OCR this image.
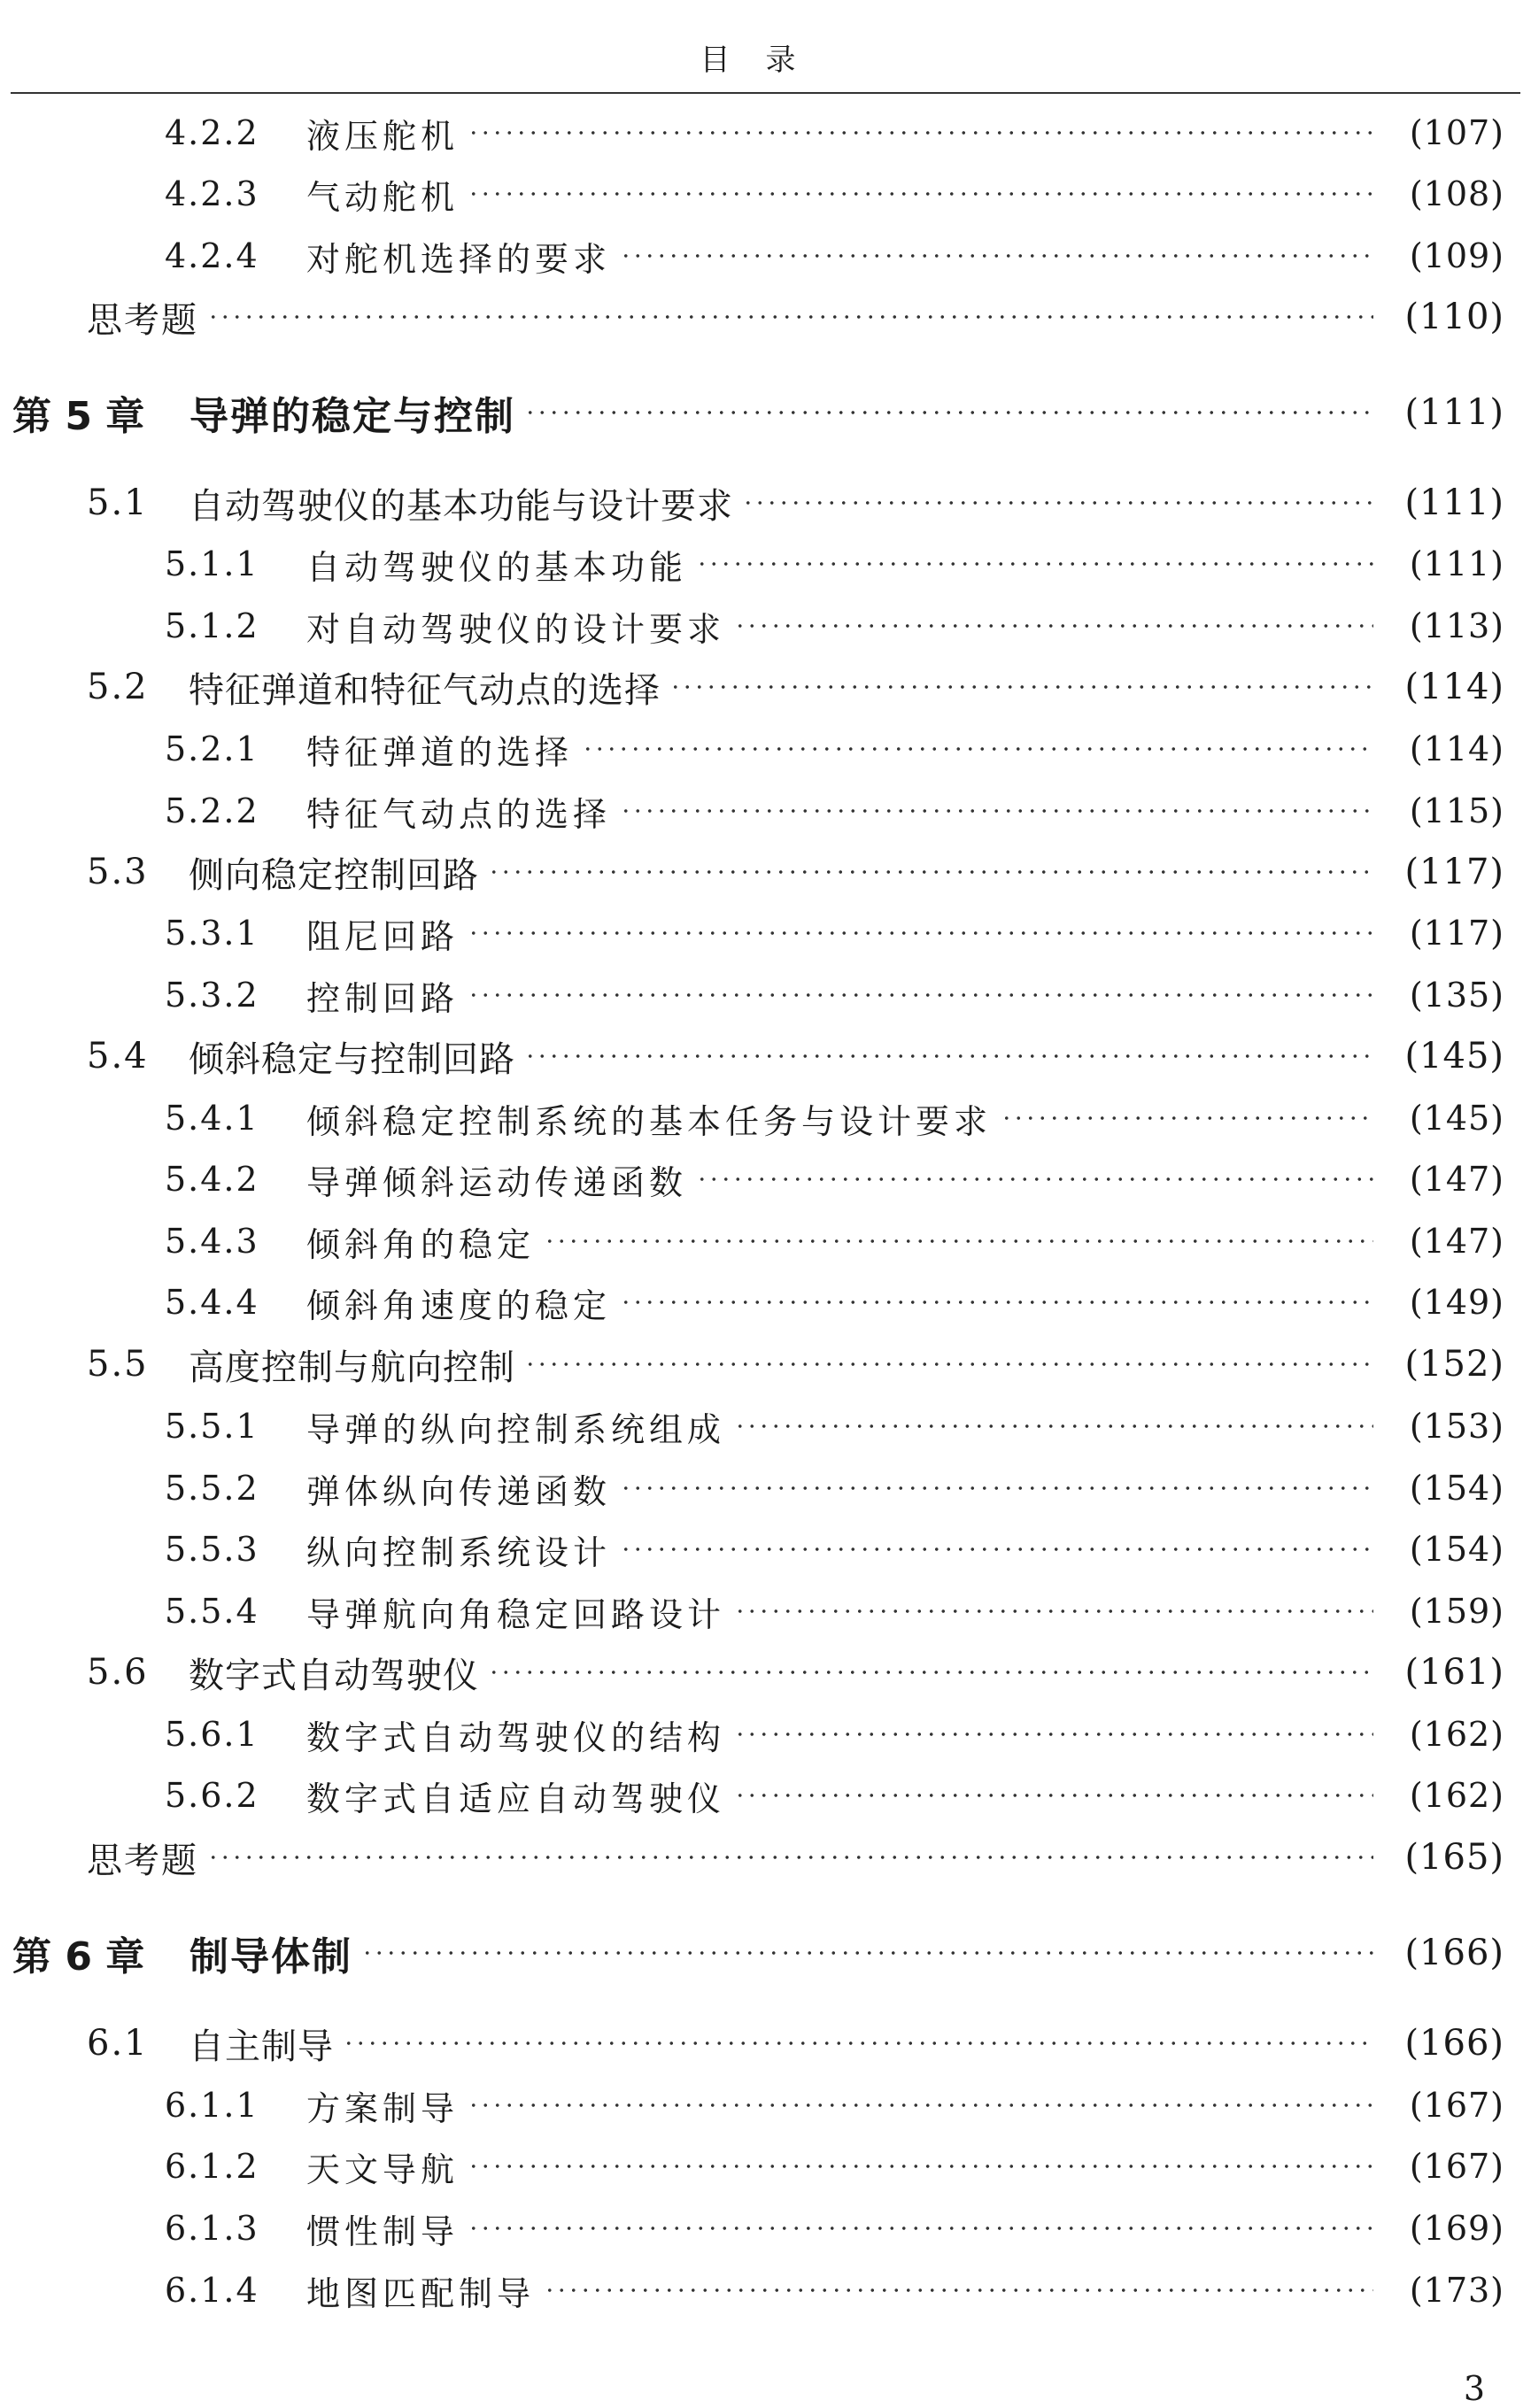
目录
4.2.2	液压舵机	(107)
4.2.3	气动舵机	(108)
4.2.4	对舵机选择的要求	(109)
思考题	(110)
第 5 章	导弹的稳定与控制	(111)
5.1	自动驾驶仪的基本功能与设计要求	(111)
5.1.1	自动驾驶仪的基本功能	(111)
5.1.2	对自动驾驶仪的设计要求	(113)
5.2	特征弹道和特征气动点的选择	(114)
5.2.1	特征弹道的选择	(114)
5.2.2	特征气动点的选择	(115)
5.3	侧向稳定控制回路	(117)
5.3.1	阻尼回路	(117)
5.3.2	控制回路	(135)
5.4	倾斜稳定与控制回路	(145)
5.4.1	倾斜稳定控制系统的基本任务与设计要求	(145)
5.4.2	导弹倾斜运动传递函数	(147)
5.4.3	倾斜角的稳定	(147)
5.4.4	倾斜角速度的稳定	(149)
5.5	高度控制与航向控制	(152)
5.5.1	导弹的纵向控制系统组成	(153)
5.5.2	弹体纵向传递函数	(154)
5.5.3	纵向控制系统设计	(154)
5.5.4	导弹航向角稳定回路设计	(159)
5.6	数字式自动驾驶仪	(161)
5.6.1	数字式自动驾驶仪的结构	(162)
5.6.2	数字式自适应自动驾驶仪	(162)
思考题	(165)
第 6 章	制导体制	(166)
6.1	自主制导	(166)
6.1.1	方案制导	(167)
6.1.2	天文导航	(167)
6.1.3	惯性制导	(169)
6.1.4	地图匹配制导	(173)
3
